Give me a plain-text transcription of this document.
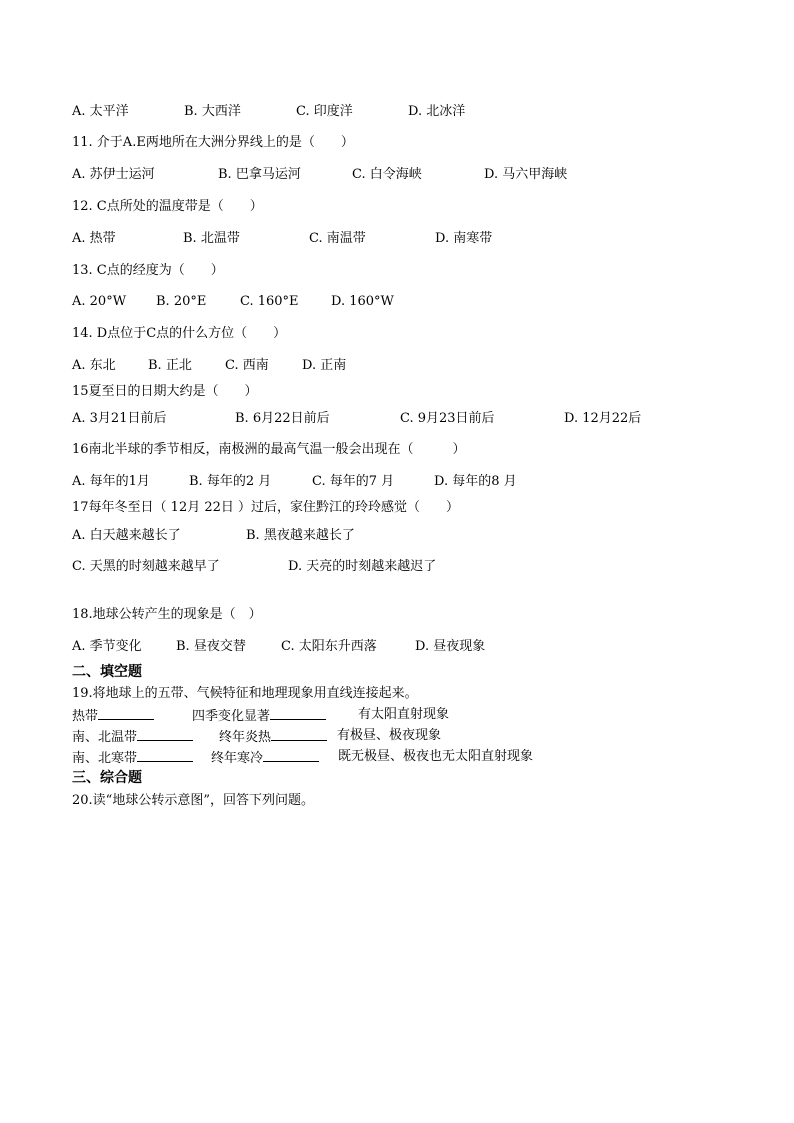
A. 太平洋	B. 大西洋	C. 印度洋	D. 北冰洋
11. 介于A.E两地所在大洲分界线上的是（　　）
A. 苏伊士运河	B. 巴拿马运河	C. 白令海峡	D. 马六甲海峡
12. C点所处的温度带是（　　）
A. 热带	B. 北温带	C. 南温带	D. 南寒带
13. C点的经度为（　　）
A. 20°W B. 20°E	C. 160°E D. 160°W
14. D点位于C点的什么方位（　　）
A. 东北 B. 正北	C. 西南	D. 正南
15夏至日的日期大约是（　　）
A. 3月21日前后	B. 6月22日前后	C. 9月23日前后	D. 12月22后
16南北半球的季节相反，南极洲的最高气温一般会出现在（　　　）
A. 每年的1月	B. 每年的2 月	C. 每年的7 月	D. 每年的8 月
17每年冬至日（ 12月 22日 ）过后，家住黔江的玲玲感觉（　　）
A. 白天越来越长了	B. 黑夜越来越长了
C. 天黑的时刻越来越早了	D. 天亮的时刻越来越迟了
18.地球公转产生的现象是（　）
A. 季节变化	B. 昼夜交替	C. 太阳东升西落	D. 昼夜现象
二、填空题
19.将地球上的五带、气候特征和地理现象用直线连接起来。
热带	四季变化显著	有太阳直射现象
南、北温带	终年炎热	有极昼、极夜现象
南、北寒带	终年寒冷	既无极昼、极夜也无太阳直射现象
三、综合题
20.读“地球公转示意图”，回答下列问题。
